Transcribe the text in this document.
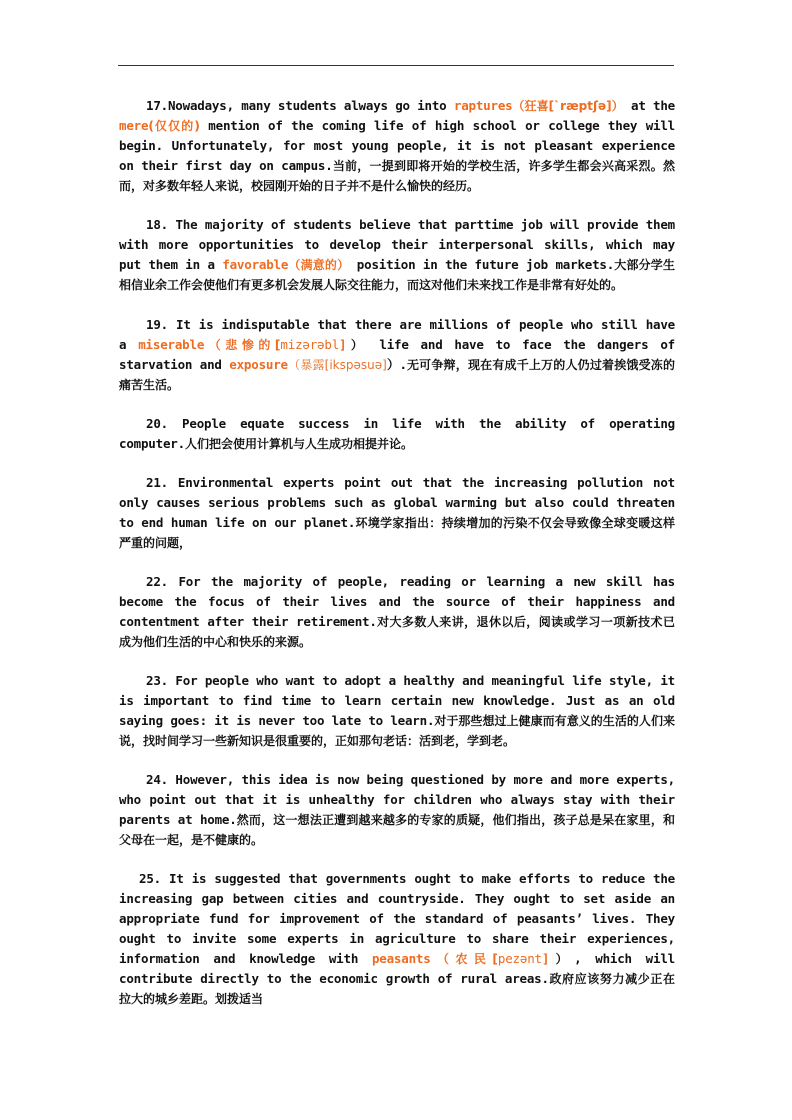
17.Nowadays, many students always go into raptures（狂喜[ˋræptʃə]） at the mere(仅仅的) mention of the coming life of high school or college they will begin. Unfortunately, for most young people, it is not pleasant experience on their first day on campus.当前，一提到即将开始的学校生活，许多学生都会兴高采烈。然而，对多数年轻人来说，校园刚开始的日子并不是什么愉快的经历。

18. The majority of students believe that parttime job will provide them with more opportunities to develop their interpersonal skills, which may put them in a favorable（满意的） position in the future job markets.大部分学生相信业余工作会使他们有更多机会发展人际交往能力，而这对他们未来找工作是非常有好处的。

19. It is indisputable that there are millions of people who still have a miserable（悲惨的[mizərəbl]） life and have to face the dangers of starvation and exposure（暴露[ikspəsuə]）.无可争辩，现在有成千上万的人仍过着挨饿受冻的痛苦生活。

20. People equate success in life with the ability of operating computer.人们把会使用计算机与人生成功相提并论。

21. Environmental experts point out that the increasing pollution not only causes serious problems such as global warming but also could threaten to end human life on our planet.环境学家指出：持续增加的污染不仅会导致像全球变暖这样严重的问题，

22. For the majority of people, reading or learning a new skill has become the focus of their lives and the source of their happiness and contentment after their retirement.对大多数人来讲，退休以后，阅读或学习一项新技术已成为他们生活的中心和快乐的来源。

23. For people who want to adopt a healthy and meaningful life style, it is important to find time to learn certain new knowledge. Just as an old saying goes: it is never too late to learn.对于那些想过上健康而有意义的生活的人们来说，找时间学习一些新知识是很重要的，正如那句老话：活到老，学到老。

24. However, this idea is now being questioned by more and more experts, who point out that it is unhealthy for children who always stay with their parents at home.然而，这一想法正遭到越来越多的专家的质疑，他们指出，孩子总是呆在家里，和父母在一起，是不健康的。

25. It is suggested that governments ought to make efforts to reduce the increasing gap between cities and countryside. They ought to set aside an appropriate fund for improvement of the standard of peasants’ lives. They ought to invite some experts in agriculture to share their experiences, information and knowledge with peasants（农民[pezənt]）, which will contribute directly to the economic growth of rural areas.政府应该努力减少正在拉大的城乡差距。划拨适当
